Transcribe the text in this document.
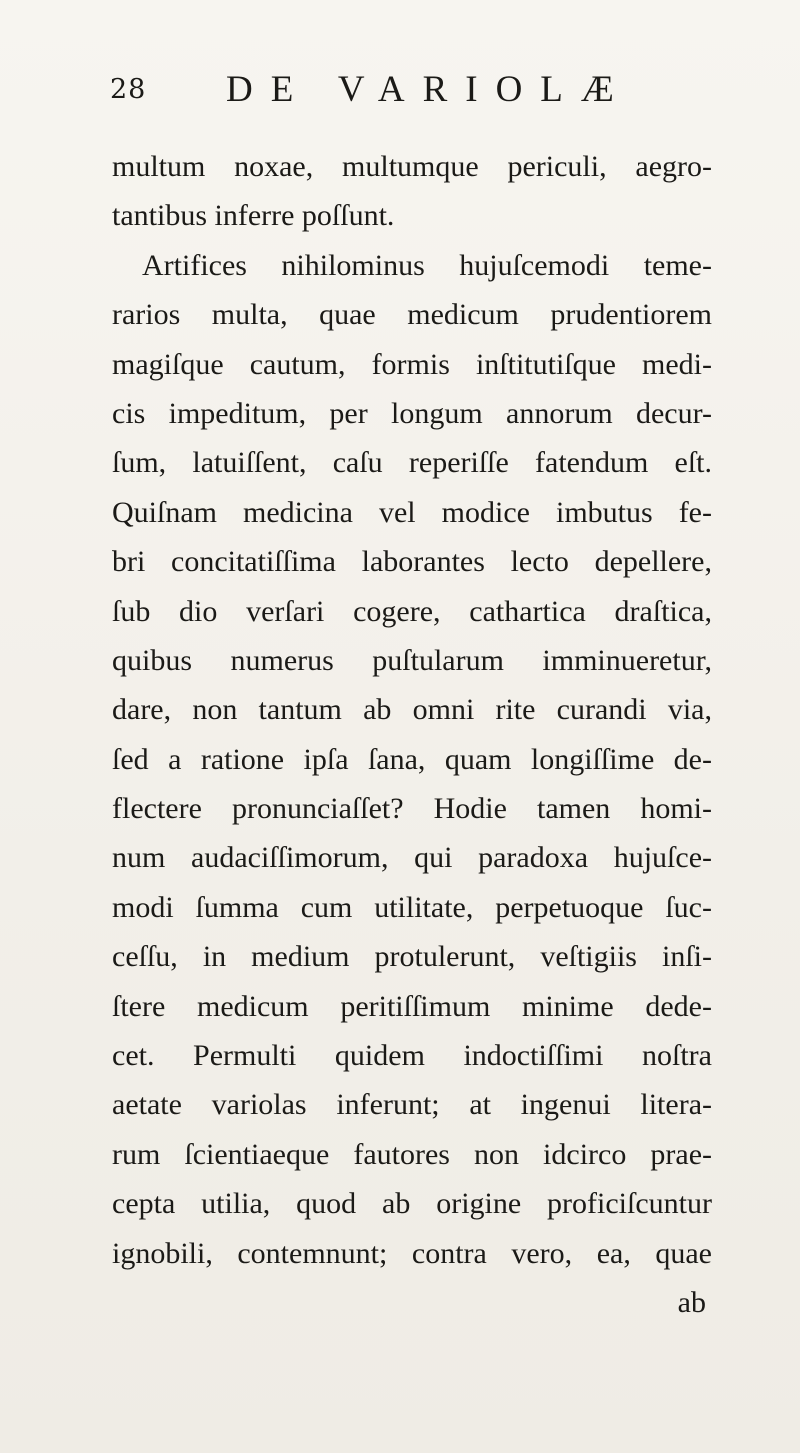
28 DE VARIOLÆ
multum noxae, multumque periculi, aegro-
tantibus inferre poſſunt.
Artifices nihilominus hujuſcemodi teme-
rarios multa, quae medicum prudentiorem
magiſque cautum, formis inſtitutiſque medi-
cis impeditum, per longum annorum decur-
ſum, latuiſſent, caſu reperiſſe fatendum eſt.
Quiſnam medicina vel modice imbutus fe-
bri concitatiſſima laborantes lecto depellere,
ſub dio verſari cogere, cathartica draſtica,
quibus numerus puſtularum imminueretur,
dare, non tantum ab omni rite curandi via,
ſed a ratione ipſa ſana, quam longiſſime de-
flectere pronunciaſſet? Hodie tamen homi-
num audaciſſimorum, qui paradoxa hujuſce-
modi ſumma cum utilitate, perpetuoque ſuc-
ceſſu, in medium protulerunt, veſtigiis inſi-
ſtere medicum peritiſſimum minime dede-
cet. Permulti quidem indoctiſſimi noſtra
aetate variolas inferunt; at ingenui litera-
rum ſcientiaeque fautores non idcirco prae-
cepta utilia, quod ab origine proficiſcuntur
ignobili, contemnunt; contra vero, ea, quae
ab
